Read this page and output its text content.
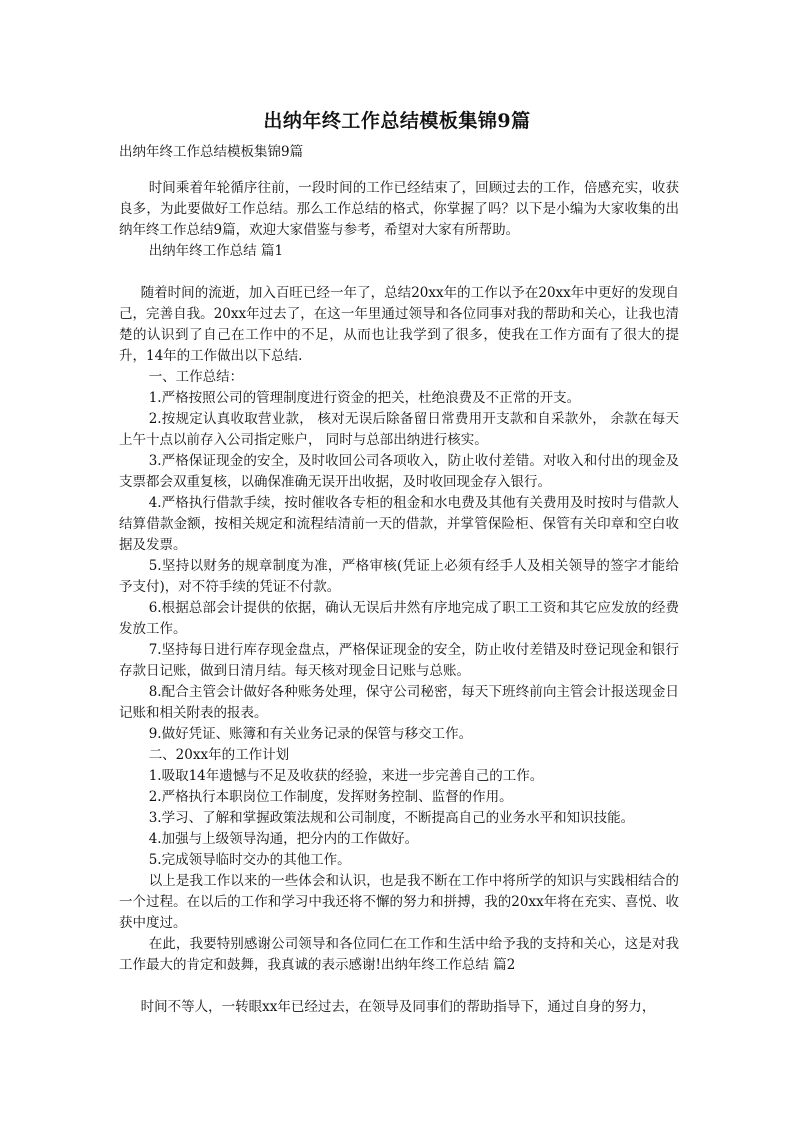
出纳年终工作总结模板集锦9篇

出纳年终工作总结模板集锦9篇

时间乘着年轮循序往前，一段时间的工作已经结束了，回顾过去的工作，倍感充实，收获良多，为此要做好工作总结。那么工作总结的格式，你掌握了吗？以下是小编为大家收集的出纳年终工作总结9篇，欢迎大家借鉴与参考，希望对大家有所帮助。

出纳年终工作总结 篇1

随着时间的流逝，加入百旺已经一年了，总结20xx年的工作以予在20xx年中更好的发现自己，完善自我。20xx年过去了，在这一年里通过领导和各位同事对我的帮助和关心，让我也清楚的认识到了自己在工作中的不足，从而也让我学到了很多，使我在工作方面有了很大的提升，14年的工作做出以下总结.

一、工作总结：

1.严格按照公司的管理制度进行资金的把关，杜绝浪费及不正常的开支。

2.按规定认真收取营业款， 核对无误后除备留日常费用开支款和自采款外， 余款在每天上午十点以前存入公司指定账户， 同时与总部出纳进行核实。

3.严格保证现金的安全，及时收回公司各项收入，防止收付差错。对收入和付出的现金及支票都会双重复核，以确保准确无误开出收据，及时收回现金存入银行。

4.严格执行借款手续，按时催收各专柜的租金和水电费及其他有关费用及时按时与借款人结算借款金额，按相关规定和流程结清前一天的借款，并掌管保险柜、保管有关印章和空白收据及发票。

5.坚持以财务的规章制度为准，严格审核(凭证上必须有经手人及相关领导的签字才能给予支付)，对不符手续的凭证不付款。

6.根据总部会计提供的依据，确认无误后井然有序地完成了职工工资和其它应发放的经费发放工作。

7.坚持每日进行库存现金盘点，严格保证现金的安全，防止收付差错及时登记现金和银行存款日记账，做到日清月结。每天核对现金日记账与总账。

8.配合主管会计做好各种账务处理，保守公司秘密，每天下班终前向主管会计报送现金日记账和相关附表的报表。

9.做好凭证、账簿和有关业务记录的保管与移交工作。

二、20xx年的工作计划

1.吸取14年遗憾与不足及收获的经验，来进一步完善自己的工作。

2.严格执行本职岗位工作制度，发挥财务控制、监督的作用。

3.学习、了解和掌握政策法规和公司制度，不断提高自己的业务水平和知识技能。

4.加强与上级领导沟通，把分内的工作做好。

5.完成领导临时交办的其他工作。

以上是我工作以来的一些体会和认识，也是我不断在工作中将所学的知识与实践相结合的一个过程。在以后的工作和学习中我还将不懈的努力和拼搏，我的20xx年将在充实、喜悦、收获中度过。

在此，我要特别感谢公司领导和各位同仁在工作和生活中给予我的支持和关心，这是对我工作最大的肯定和鼓舞，我真诚的表示感谢!出纳年终工作总结 篇2

时间不等人，一转眼xx年已经过去，在领导及同事们的帮助指导下，通过自身的努力，
